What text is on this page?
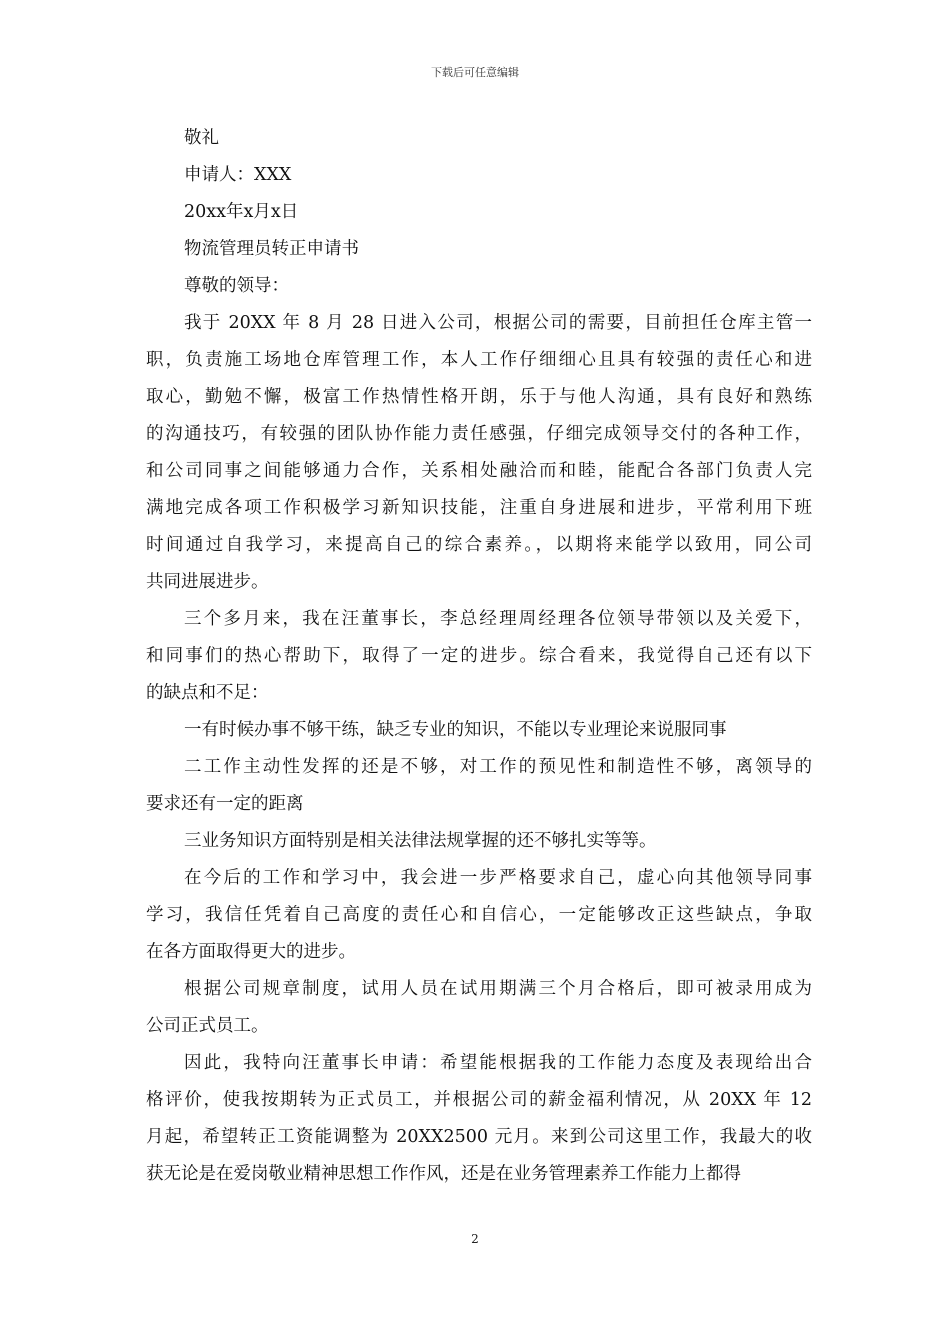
下载后可任意编辑
敬礼
申请人：XXX
20xx年x月x日
物流管理员转正申请书
尊敬的领导：
我于 20XX 年 8 月 28 日进入公司，根据公司的需要，目前担任仓库主管一
职，负责施工场地仓库管理工作，本人工作仔细细心且具有较强的责任心和进
取心，勤勉不懈，极富工作热情性格开朗，乐于与他人沟通，具有良好和熟练
的沟通技巧，有较强的团队协作能力责任感强，仔细完成领导交付的各种工作，
和公司同事之间能够通力合作，关系相处融洽而和睦，能配合各部门负责人完
满地完成各项工作积极学习新知识技能，注重自身进展和进步，平常利用下班
时间通过自我学习，来提高自己的综合素养。，以期将来能学以致用，同公司
共同进展进步。
三个多月来，我在汪董事长，李总经理周经理各位领导带领以及关爱下，
和同事们的热心帮助下，取得了一定的进步。综合看来，我觉得自己还有以下
的缺点和不足：
一有时候办事不够干练，缺乏专业的知识，不能以专业理论来说服同事
二工作主动性发挥的还是不够，对工作的预见性和制造性不够，离领导的
要求还有一定的距离
三业务知识方面特别是相关法律法规掌握的还不够扎实等等。
在今后的工作和学习中，我会进一步严格要求自己，虚心向其他领导同事
学习，我信任凭着自己高度的责任心和自信心，一定能够改正这些缺点，争取
在各方面取得更大的进步。
根据公司规章制度，试用人员在试用期满三个月合格后，即可被录用成为
公司正式员工。
因此，我特向汪董事长申请：希望能根据我的工作能力态度及表现给出合
格评价，使我按期转为正式员工，并根据公司的薪金福利情况，从 20XX 年 12
月起，希望转正工资能调整为 20XX2500 元月。来到公司这里工作，我最大的收
获无论是在爱岗敬业精神思想工作作风，还是在业务管理素养工作能力上都得
2
